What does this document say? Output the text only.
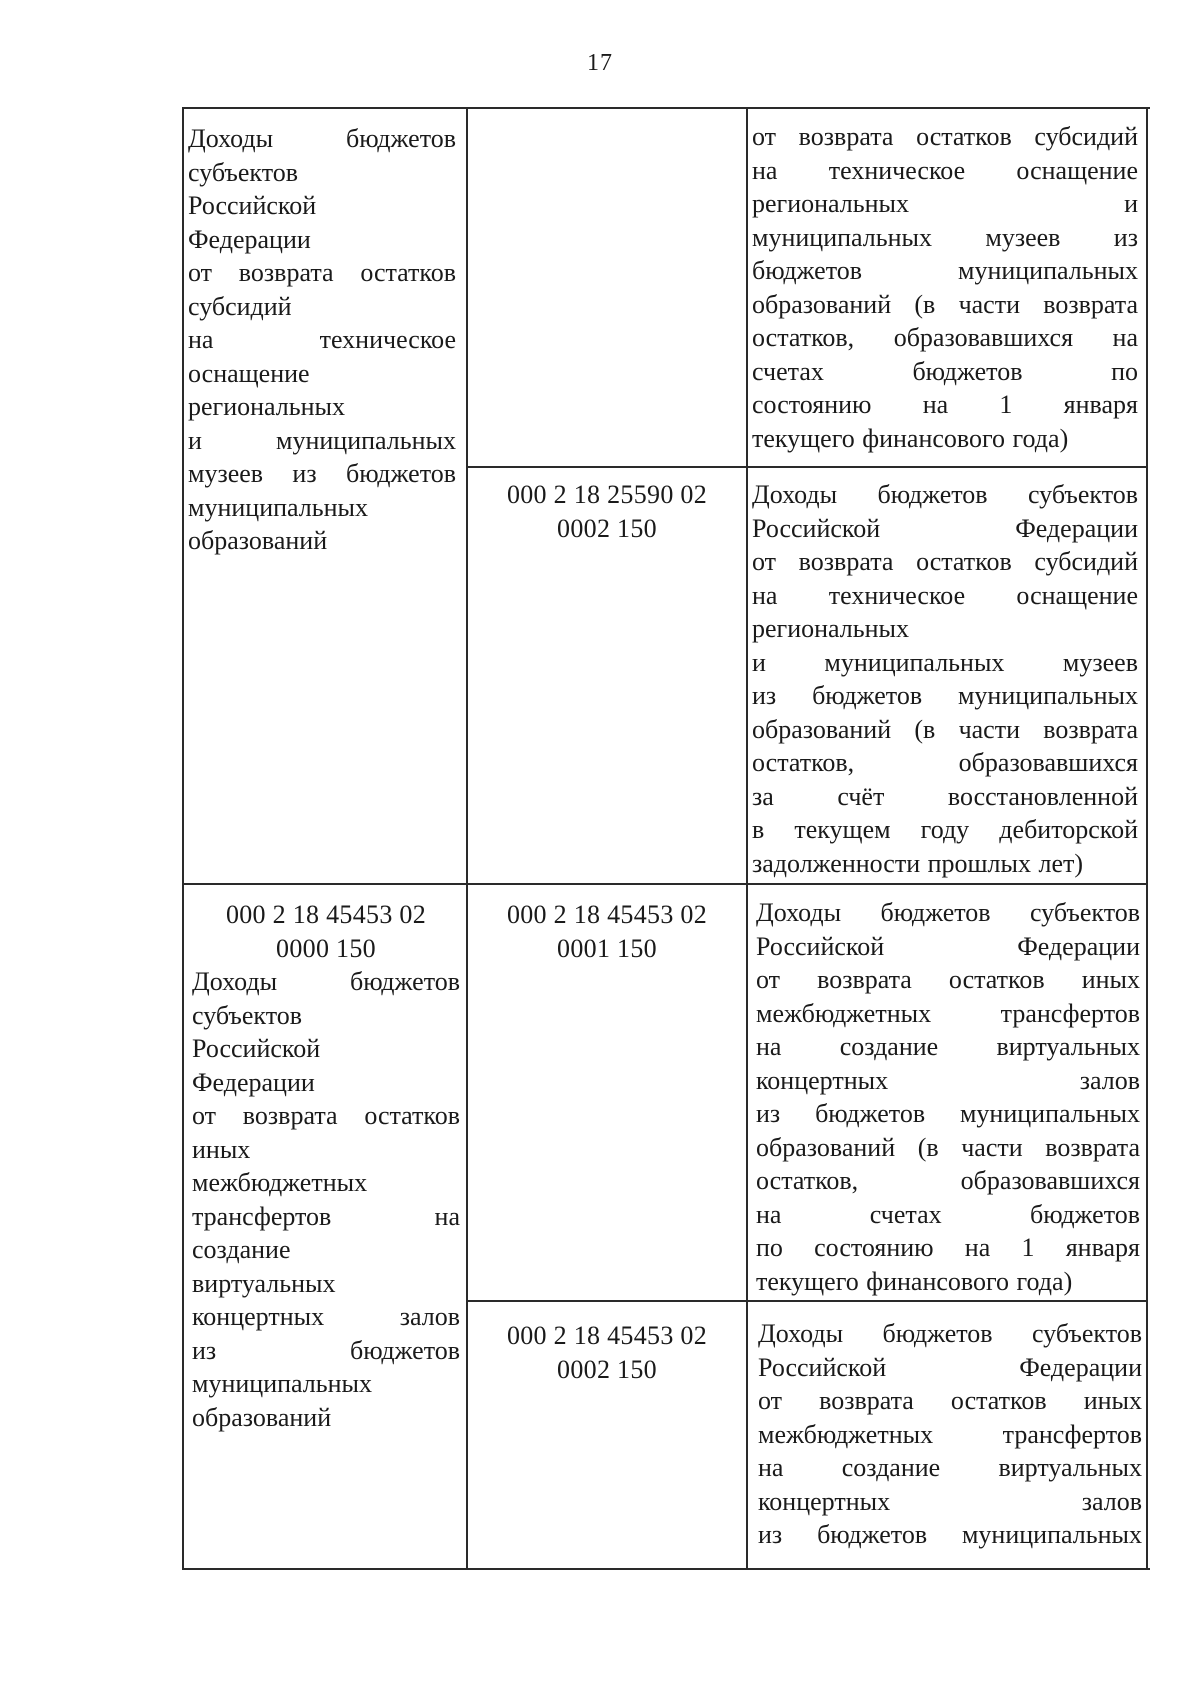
17
Доходы бюджетов
субъектов
Российской
Федерации
от возврата остатков
субсидий
на техническое
оснащение
региональных
и муниципальных
музеев из бюджетов
муниципальных
образований
от возврата остатков субсидий
на техническое оснащение
региональных и
муниципальных музеев из
бюджетов муниципальных
образований (в части возврата
остатков, образовавшихся на
счетах бюджетов по
состоянию на 1 января
текущего финансового года)
000 2 18 25590 02
0002 150
Доходы бюджетов субъектов
Российской Федерации
от возврата остатков субсидий
на техническое оснащение
региональных
и муниципальных музеев
из бюджетов муниципальных
образований (в части возврата
остатков, образовавшихся
за счёт восстановленной
в текущем году дебиторской
задолженности прошлых лет)
000 2 18 45453 02
0000 150
Доходы бюджетов
субъектов
Российской
Федерации
от возврата остатков
иных
межбюджетных
трансфертов на
создание
виртуальных
концертных залов
из бюджетов
муниципальных
образований
000 2 18 45453 02
0001 150
Доходы бюджетов субъектов
Российской Федерации
от возврата остатков иных
межбюджетных трансфертов
на создание виртуальных
концертных залов
из бюджетов муниципальных
образований (в части возврата
остатков, образовавшихся
на счетах бюджетов
по состоянию на 1 января
текущего финансового года)
000 2 18 45453 02
0002 150
Доходы бюджетов субъектов
Российской Федерации
от возврата остатков иных
межбюджетных трансфертов
на создание виртуальных
концертных залов
из бюджетов муниципальных
